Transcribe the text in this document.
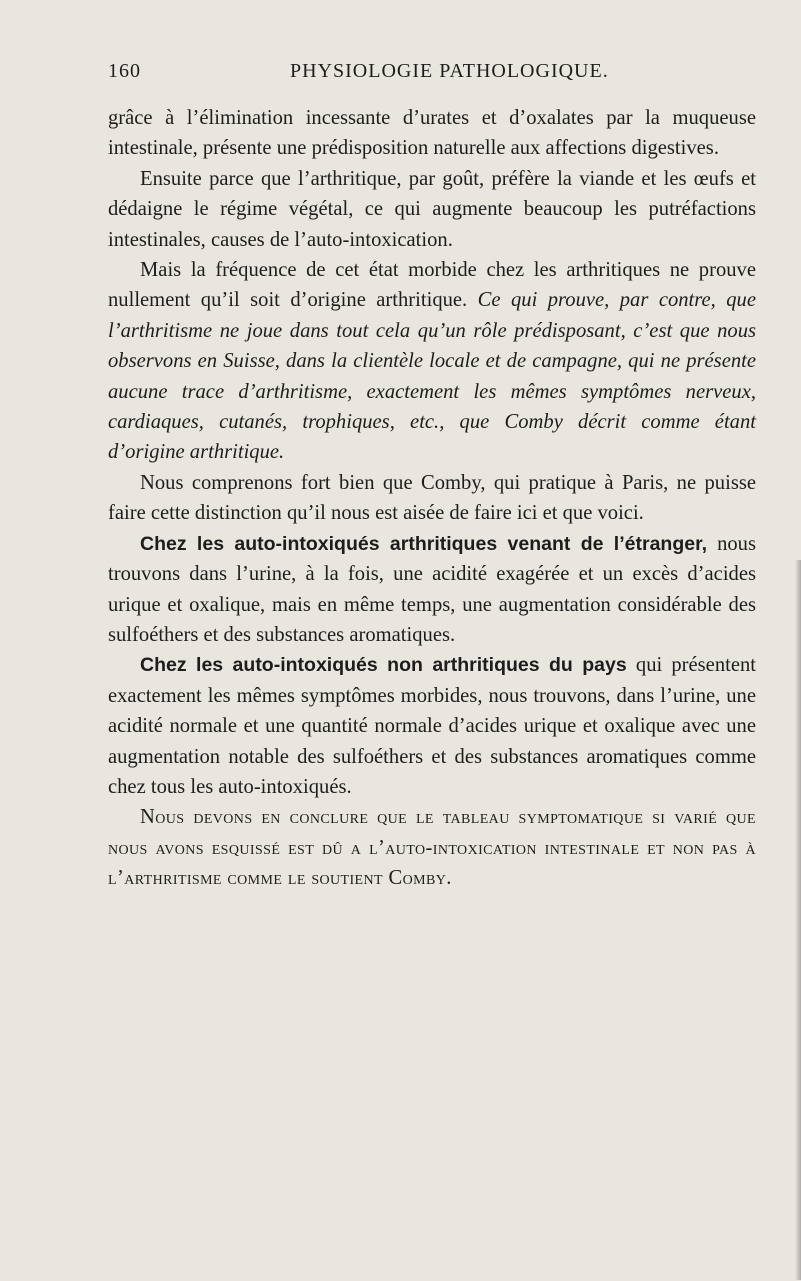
160	PHYSIOLOGIE PATHOLOGIQUE.

grâce à l’élimination incessante d’urates et d’oxalates par la muqueuse intestinale, présente une prédisposition naturelle aux affections digestives.

Ensuite parce que l’arthritique, par goût, préfère la viande et les œufs et dédaigne le régime végétal, ce qui augmente beaucoup les putréfactions intestinales, causes de l’auto-intoxication.

Mais la fréquence de cet état morbide chez les arthritiques ne prouve nullement qu’il soit d’origine arthritique. Ce qui prouve, par contre, que l’arthritisme ne joue dans tout cela qu’un rôle prédisposant, c’est que nous observons en Suisse, dans la clientèle locale et de campagne, qui ne présente aucune trace d’arthritisme, exactement les mêmes symptômes nerveux, cardiaques, cutanés, trophiques, etc., que Comby décrit comme étant d’origine arthritique.

Nous comprenons fort bien que Comby, qui pratique à Paris, ne puisse faire cette distinction qu’il nous est aisée de faire ici et que voici.

Chez les auto-intoxiqués arthritiques venant de l’étranger, nous trouvons dans l’urine, à la fois, une acidité exagérée et un excès d’acides urique et oxalique, mais en même temps, une augmentation considérable des sulfoéthers et des substances aromatiques.

Chez les auto-intoxiqués non arthritiques du pays qui présentent exactement les mêmes symptômes morbides, nous trouvons, dans l’urine, une acidité normale et une quantité normale d’acides urique et oxalique avec une augmentation notable des sulfoéthers et des substances aromatiques comme chez tous les auto-intoxiqués.

Nous devons en conclure que le tableau symptomatique si varié que nous avons esquissé est dû a l’auto-intoxication intestinale et non pas à l’arthritisme comme le soutient Comby.
